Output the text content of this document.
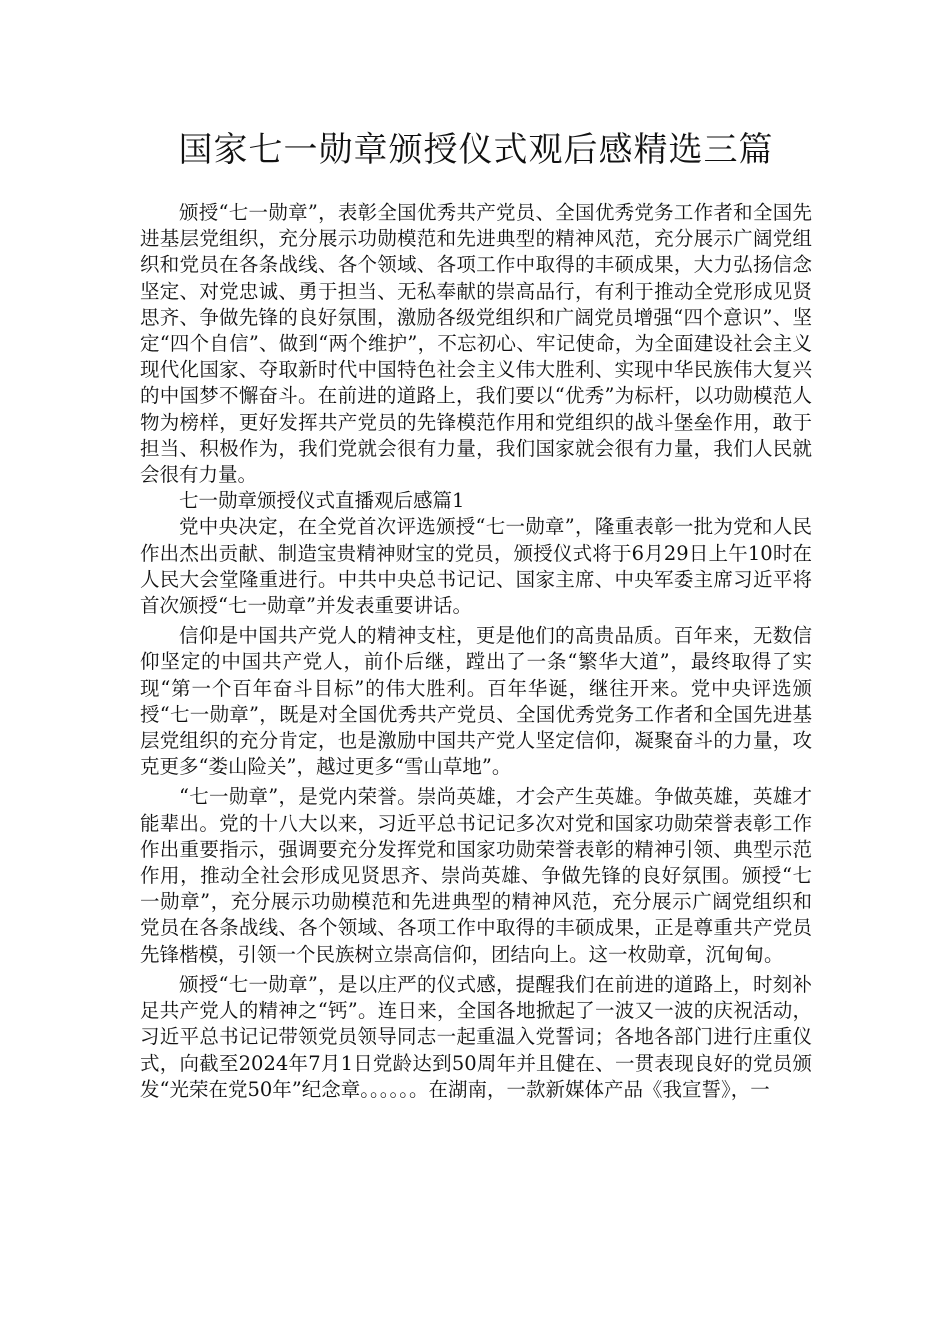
国家七一勋章颁授仪式观后感精选三篇

颁授“七一勋章”，表彰全国优秀共产党员、全国优秀党务工作者和全国先进基层党组织，充分展示功勋模范和先进典型的精神风范，充分展示广阔党组织和党员在各条战线、各个领域、各项工作中取得的丰硕成果，大力弘扬信念坚定、对党忠诚、勇于担当、无私奉献的崇高品行，有利于推动全党形成见贤思齐、争做先锋的良好氛围，激励各级党组织和广阔党员增强“四个意识”、坚定“四个自信”、做到“两个维护”，不忘初心、牢记使命，为全面建设社会主义现代化国家、夺取新时代中国特色社会主义伟大胜利、实现中华民族伟大复兴的中国梦不懈奋斗。在前进的道路上，我们要以“优秀”为标杆，以功勋模范人物为榜样，更好发挥共产党员的先锋模范作用和党组织的战斗堡垒作用，敢于担当、积极作为，我们党就会很有力量，我们国家就会很有力量，我们人民就会很有力量。

七一勋章颁授仪式直播观后感篇1

党中央决定，在全党首次评选颁授“七一勋章”，隆重表彰一批为党和人民作出杰出贡献、制造宝贵精神财宝的党员，颁授仪式将于6月29日上午10时在人民大会堂隆重进行。中共中央总书记记、国家主席、中央军委主席习近平将首次颁授“七一勋章”并发表重要讲话。

信仰是中国共产党人的精神支柱，更是他们的高贵品质。百年来，无数信仰坚定的中国共产党人，前仆后继，蹚出了一条“繁华大道”，最终取得了实现“第一个百年奋斗目标”的伟大胜利。百年华诞，继往开来。党中央评选颁授“七一勋章”，既是对全国优秀共产党员、全国优秀党务工作者和全国先进基层党组织的充分肯定，也是激励中国共产党人坚定信仰，凝聚奋斗的力量，攻克更多“娄山险关”，越过更多“雪山草地”。

“七一勋章”，是党内荣誉。崇尚英雄，才会产生英雄。争做英雄，英雄才能辈出。党的十八大以来，习近平总书记记多次对党和国家功勋荣誉表彰工作作出重要指示，强调要充分发挥党和国家功勋荣誉表彰的精神引领、典型示范作用，推动全社会形成见贤思齐、崇尚英雄、争做先锋的良好氛围。颁授“七一勋章”，充分展示功勋模范和先进典型的精神风范，充分展示广阔党组织和党员在各条战线、各个领域、各项工作中取得的丰硕成果，正是尊重共产党员先锋楷模，引领一个民族树立崇高信仰，团结向上。这一枚勋章，沉甸甸。

颁授“七一勋章”，是以庄严的仪式感，提醒我们在前进的道路上，时刻补足共产党人的精神之“钙”。连日来，全国各地掀起了一波又一波的庆祝活动，习近平总书记记带领党员领导同志一起重温入党誓词；各地各部门进行庄重仪式，向截至2024年7月1日党龄达到50周年并且健在、一贯表现良好的党员颁发“光荣在党50年”纪念章。。。。。。在湖南，一款新媒体产品《我宣誓》，一
